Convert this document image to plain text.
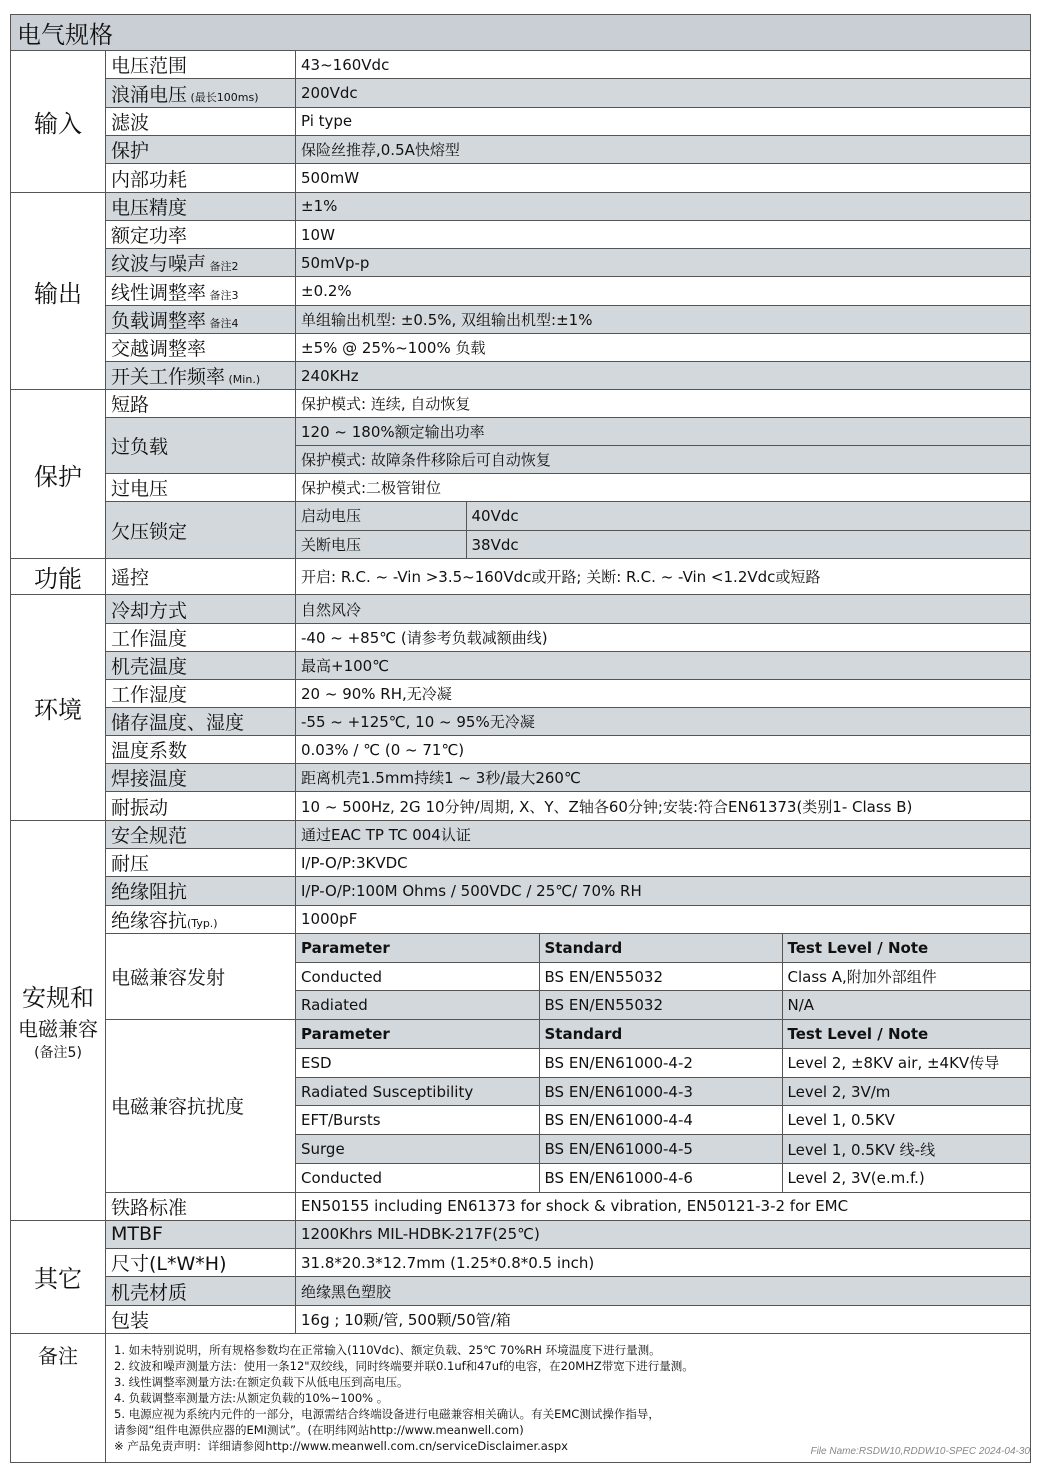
电气规格
输入	电压范围	43~160Vdc
浪涌电压 (最长100ms)	200Vdc
滤波	Pi type
保护	保险丝推荐,0.5A快熔型
内部功耗	500mW
输出	电压精度	±1%
额定功率	10W
纹波与噪声 备注2	50mVp-p
线性调整率 备注3	±0.2%
负载调整率 备注4	单组输出机型: ±0.5%, 双组输出机型:±1%
交越调整率	±5% @ 25%~100% 负载
开关工作频率 (Min.)	240KHz
保护	短路	保护模式: 连续, 自动恢复
过负载	120 ~ 180%额定输出功率
保护模式: 故障条件移除后可自动恢复
过电压	保护模式:二极管钳位
欠压锁定	
启动电压	40Vdc

关断电压	38Vdc

功能	遥控	开启: R.C. ~ -Vin >3.5~160Vdc或开路; 关断: R.C. ~ -Vin <1.2Vdc或短路
环境	冷却方式	自然风冷
工作温度	-40 ~ +85℃ (请参考负载减额曲线)
机壳温度	最高+100℃
工作湿度	20 ~ 90% RH,无冷凝
储存温度、湿度	-55 ~ +125℃, 10 ~ 95%无冷凝
温度系数	0.03% / ℃ (0 ~ 71℃)
焊接温度	距离机壳1.5mm持续1 ~ 3秒/最大260℃
耐振动	10 ~ 500Hz, 2G 10分钟/周期, X、Y、Z轴各60分钟;安装:符合EN61373(类别1- Class B)

安规和
电磁兼容
(备注5)
	安全规范	通过EAC TP TC 004认证
耐压	I/P-O/P:3KVDC
绝缘阻抗	I/P-O/P:100M Ohms / 500VDC / 25℃/ 70% RH
绝缘容抗(Typ.)	1000pF
电磁兼容发射	
Parameter	Standard	Test Level / Note

Conducted	BS EN/EN55032	Class A,附加外部组件

Radiated	BS EN/EN55032	N/A

电磁兼容抗扰度	
Parameter	Standard	Test Level / Note

ESD	BS EN/EN61000-4-2	Level 2, ±8KV air, ±4KV传导

Radiated Susceptibility	BS EN/EN61000-4-3	Level 2, 3V/m

EFT/Bursts	BS EN/EN61000-4-4	Level 1, 0.5KV

Surge	BS EN/EN61000-4-5	Level 1, 0.5KV 线-线

Conducted	BS EN/EN61000-4-6	Level 2, 3V(e.m.f.)

铁路标准	EN50155 including EN61373 for shock & vibration, EN50121-3-2 for EMC
其它	MTBF	1200Khrs MIL-HDBK-217F(25℃)
尺寸(L*W*H)	31.8*20.3*12.7mm (1.25*0.8*0.5 inch)
机壳材质	绝缘黑色塑胶
包装	16g ; 10颗/管, 500颗/50管/箱
备注	1. 如未特别说明，所有规格参数均在正常输入(110Vdc)、额定负载、25℃ 70%RH 环境温度下进行量测。
2. 纹波和噪声测量方法：使用一条12"双绞线，同时终端要并联0.1uf和47uf的电容，在20MHZ带宽下进行量测。
3. 线性调整率测量方法:在额定负载下从低电压到高电压。
4. 负载调整率测量方法:从额定负载的10%~100% 。
5. 电源应视为系统内元件的一部分，电源需结合终端设备进行电磁兼容相关确认。有关EMC测试操作指导，
请参阅“组件电源供应器的EMI测试”。(在明纬网站http://www.meanwell.com)
※ 产品免责声明：详细请参阅http://www.meanwell.com.cn/serviceDisclaimer.aspx	File Name:RSDW10,RDDW10-SPEC 2024-04-30
